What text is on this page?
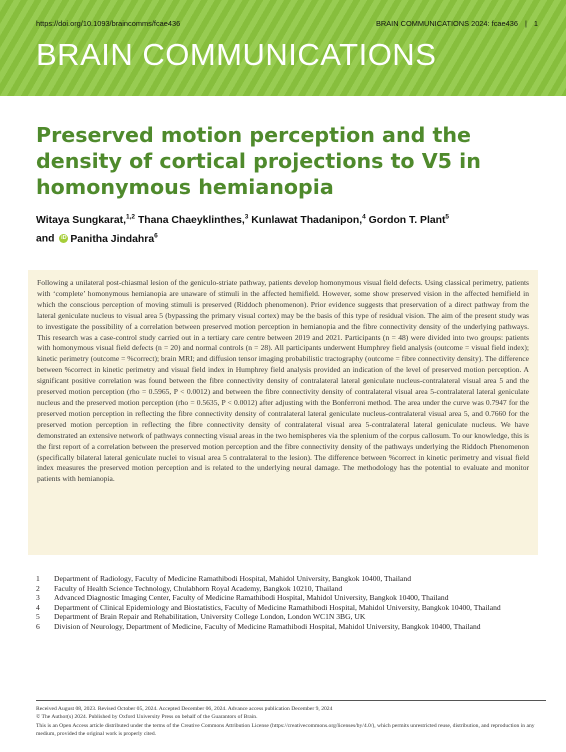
https://doi.org/10.1093/braincomms/fcae436	BRAIN COMMUNICATIONS 2024: fcae436 | 1
BRAIN COMMUNICATIONS
Preserved motion perception and the density of cortical projections to V5 in homonymous hemianopia
Witaya Sungkarat,$^{1,2}$ Thana Chaeyklinthes,$^3$ Kunlawat Thadanipon,$^4$ Gordon T. Plant$^5$
and iD Panitha Jindahra$^6$

Following a unilateral post-chiasmal lesion of the geniculo-striate pathway, patients develop homonymous visual field defects. Using classical perimetry, patients with ‘complete’ homonymous hemianopia are unaware of stimuli in the affected hemifield. However, some show preserved vision in the affected hemifield in which the conscious perception of moving stimuli is preserved (Riddoch phenomenon). Prior evidence suggests that preservation of a direct pathway from the lateral geniculate nucleus to visual area 5 (bypassing the primary visual cortex) may be the basis of this type of residual vision. The aim of the present study was to investigate the possibility of a correlation between preserved motion perception in hemianopia and the fibre connectivity density of the underlying pathways. This research was a case-control study carried out in a tertiary care centre between 2019 and 2021. Participants (n = 48) were divided into two groups: patients with homonymous visual field defects (n = 20) and normal controls (n = 28). All participants underwent Humphrey field analysis (outcome = visual field index); kinetic perimetry (outcome = %correct); brain MRI; and diffusion tensor imaging probabilistic tractography (outcome = fibre connectivity density). The difference between %correct in kinetic perimetry and visual field index in Humphrey field analysis provided an indication of the level of preserved motion perception. A significant positive correlation was found between the fibre connectivity density of contralateral lateral geniculate nucleus-contralateral visual area 5 and the preserved motion perception (rho = 0.5965, P < 0.0012) and between the fibre connectivity density of contralateral visual area 5-contralateral lateral geniculate nucleus and the preserved motion perception (rho = 0.5635, P < 0.0012) after adjusting with the Bonferroni method. The area under the curve was 0.7947 for the preserved motion perception in reflecting the fibre connectivity density of contralateral lateral geniculate nucleus-contralateral visual area 5, and 0.7660 for the preserved motion perception in reflecting the fibre connectivity density of contralateral visual area 5-contralateral lateral geniculate nucleus. We have demonstrated an extensive network of pathways connecting visual areas in the two hemispheres via the splenium of the corpus callosum. To our knowledge, this is the first report of a correlation between the preserved motion perception and the fibre connectivity density of the pathways underlying the Riddoch Phenomenon (specifically bilateral lateral geniculate nuclei to visual area 5 contralateral to the lesion). The difference between %correct in kinetic perimetry and visual field index measures the preserved motion perception and is related to the underlying neural damage. The methodology has the potential to evaluate and monitor patients with hemianopia.

1	Department of Radiology, Faculty of Medicine Ramathibodi Hospital, Mahidol University, Bangkok 10400, Thailand
2	Faculty of Health Science Technology, Chulabhorn Royal Academy, Bangkok 10210, Thailand
3	Advanced Diagnostic Imaging Center, Faculty of Medicine Ramathibodi Hospital, Mahidol University, Bangkok 10400, Thailand
4	Department of Clinical Epidemiology and Biostatistics, Faculty of Medicine Ramathibodi Hospital, Mahidol University, Bangkok 10400, Thailand
5	Department of Brain Repair and Rehabilitation, University College London, London WC1N 3BG, UK
6	Division of Neurology, Department of Medicine, Faculty of Medicine Ramathibodi Hospital, Mahidol University, Bangkok 10400, Thailand
Received August 08, 2023. Revised October 05, 2024. Accepted December 06, 2024. Advance access publication December 9, 2024
© The Author(s) 2024. Published by Oxford University Press on behalf of the Guarantors of Brain.
This is an Open Access article distributed under the terms of the Creative Commons Attribution License (https://creativecommons.org/licenses/by/4.0/), which permits unrestricted reuse, distribution, and reproduction in any medium, provided the original work is properly cited.
